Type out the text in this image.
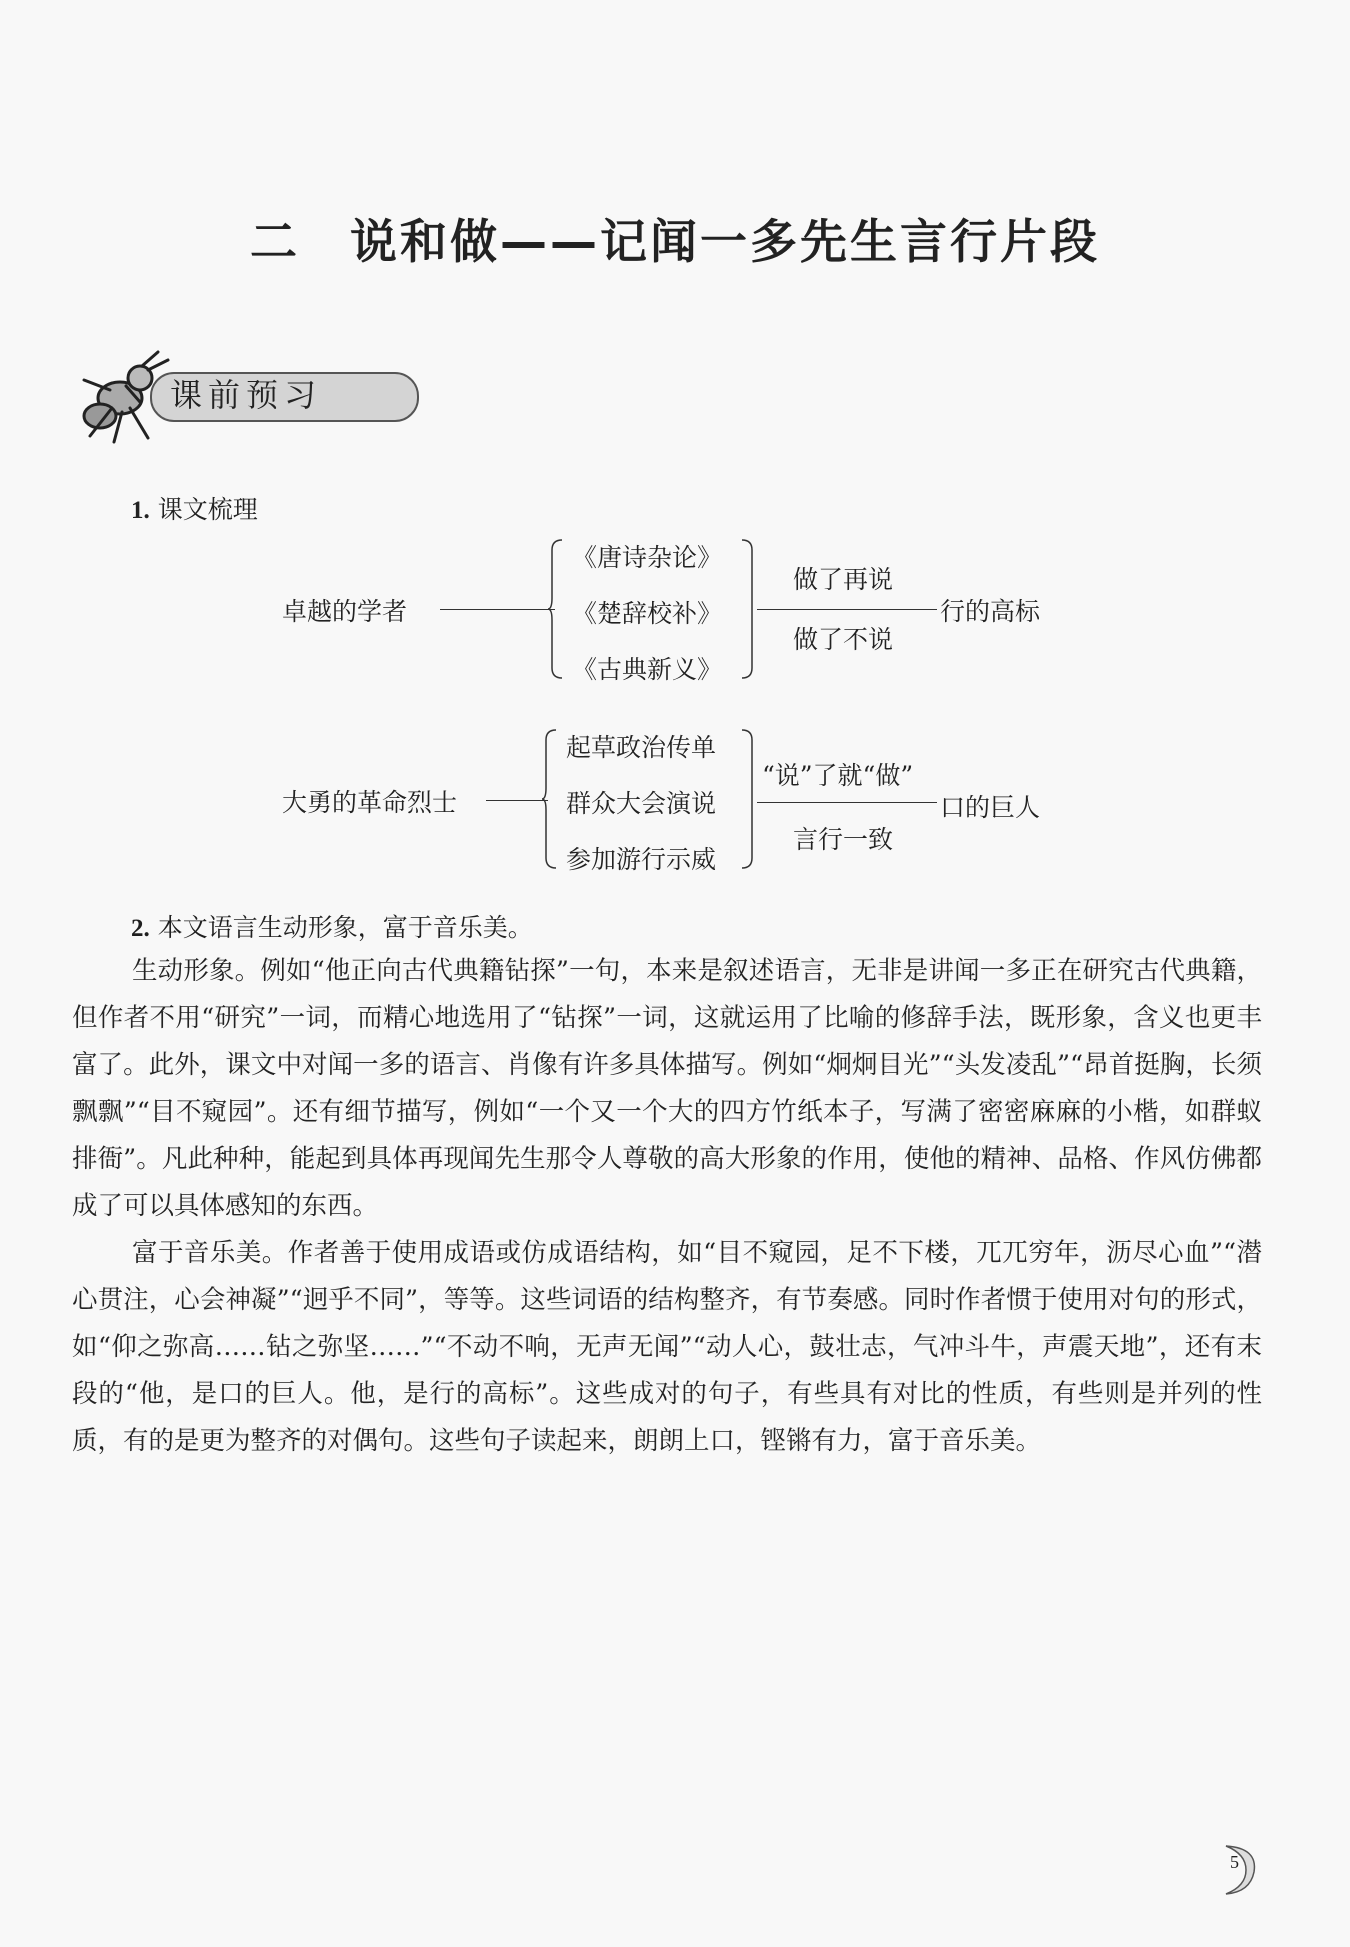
二 说和做——记闻一多先生言行片段
课前预习
1. 课文梳理
卓越的学者
《唐诗杂论》
《楚辞校补》
《古典新义》
做了再说
做了不说
行的高标
大勇的革命烈士
起草政治传单
群众大会演说
参加游行示威
“说”了就“做”
言行一致
口的巨人
2. 本文语言生动形象，富于音乐美。

生动形象。例如“他正向古代典籍钻探”一句，本来是叙述语言，无非是讲闻一多正在研究古代典籍，但作者不用“研究”一词，而精心地选用了“钻探”一词，这就运用了比喻的修辞手法，既形象，含义也更丰富了。此外，课文中对闻一多的语言、肖像有许多具体描写。例如“炯炯目光”“头发凌乱”“昂首挺胸，长须飘飘”“目不窥园”。还有细节描写，例如“一个又一个大的四方竹纸本子，写满了密密麻麻的小楷，如群蚁排衙”。凡此种种，能起到具体再现闻先生那令人尊敬的高大形象的作用，使他的精神、品格、作风仿佛都成了可以具体感知的东西。

富于音乐美。作者善于使用成语或仿成语结构，如“目不窥园，足不下楼，兀兀穷年，沥尽心血”“潜心贯注，心会神凝”“迥乎不同”，等等。这些词语的结构整齐，有节奏感。同时作者惯于使用对句的形式，如“仰之弥高……钻之弥坚……”“不动不响，无声无闻”“动人心，鼓壮志，气冲斗牛，声震天地”，还有末段的“他，是口的巨人。他，是行的高标”。这些成对的句子，有些具有对比的性质，有些则是并列的性质，有的是更为整齐的对偶句。这些句子读起来，朗朗上口，铿锵有力，富于音乐美。

5
